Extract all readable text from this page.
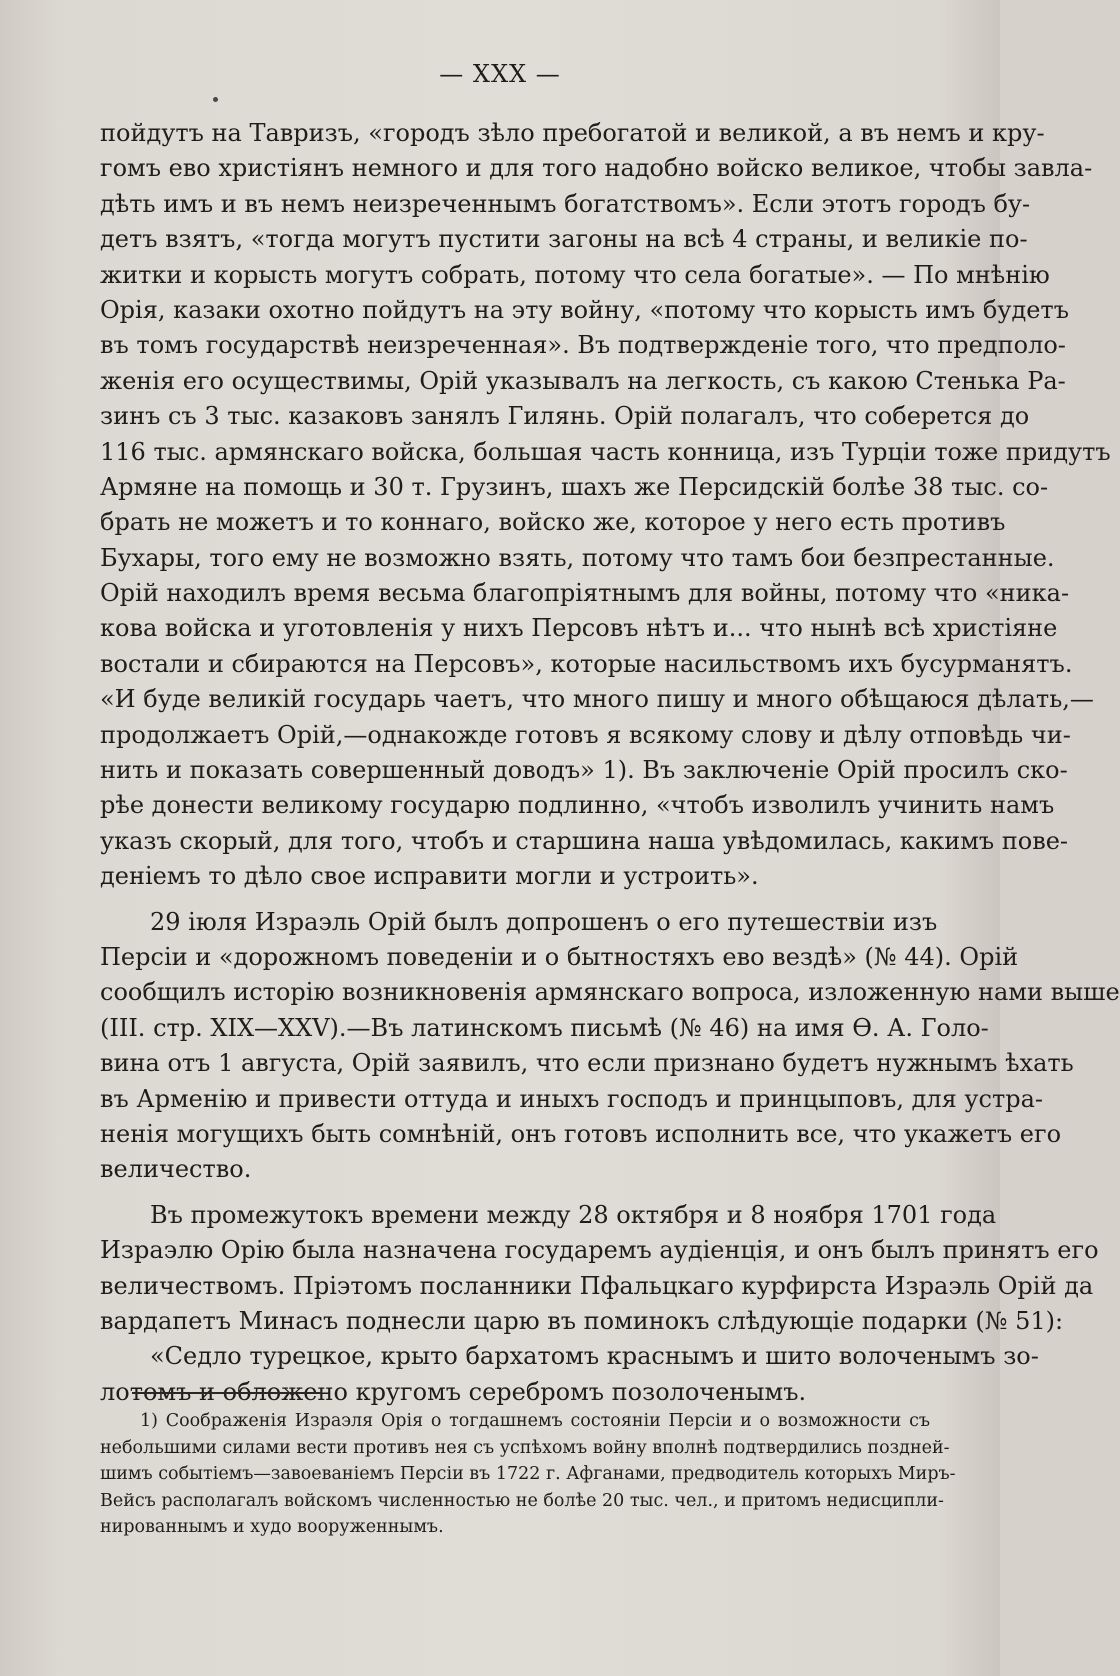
— XXX —
пойдутъ на Тавризъ, «городъ зѣло пребогатой и великой, а въ немъ и кру-
гомъ ево христіянъ немного и для того надобно войско великое, чтобы завла-
дѣть имъ и въ немъ неизреченнымъ богатствомъ». Если этотъ городъ бу-
детъ взятъ, «тогда могутъ пустити загоны на всѣ 4 страны, и великіе по-
житки и корысть могутъ собрать, потому что села богатые». — По мнѣнію
Орія, казаки охотно пойдутъ на эту войну, «потому что корысть имъ будетъ
въ томъ государствѣ неизреченная». Въ подтвержденіе того, что предполо-
женія его осуществимы, Орій указывалъ на легкость, съ какою Стенька Ра-
зинъ съ 3 тыс. казаковъ занялъ Гилянь. Орій полагалъ, что соберется до
116 тыс. армянскаго войска, большая часть конница, изъ Турціи тоже придутъ
Армяне на помощь и 30 т. Грузинъ, шахъ же Персидскій болѣе 38 тыс. со-
брать не можетъ и то коннаго, войско же, которое у него есть противъ
Бухары, того ему не возможно взять, потому что тамъ бои безпрестанные.
Орій находилъ время весьма благопріятнымъ для войны, потому что «ника-
кова войска и уготовленія у нихъ Персовъ нѣтъ и... что нынѣ всѣ христіяне
востали и сбираются на Персовъ», которые насильствомъ ихъ бусурманятъ.
«И буде великій государь чаетъ, что много пишу и много обѣщаюся дѣлать,—
продолжаетъ Орій,—однакожде готовъ я всякому слову и дѣлу отповѣдь чи-
нить и показать совершенный доводъ» 1). Въ заключеніе Орій просилъ ско-
рѣе донести великому государю подлинно, «чтобъ изволилъ учинить намъ
указъ скорый, для того, чтобъ и старшина наша увѣдомилась, какимъ пове-
деніемъ то дѣло свое исправити могли и устроить».
29 іюля Израэль Орій былъ допрошенъ о его путешествіи изъ
Персіи и «дорожномъ поведеніи и о бытностяхъ ево вездѣ» (№ 44). Орій
сообщилъ исторію возникновенія армянскаго вопроса, изложенную нами выше
(III. стр. XIX—XXV).—Въ латинскомъ письмѣ (№ 46) на имя Ѳ. А. Голо-
вина отъ 1 августа, Орій заявилъ, что если признано будетъ нужнымъ ѣхать
въ Арменію и привести оттуда и иныхъ господъ и принцыповъ, для устра-
ненія могущихъ быть сомнѣній, онъ готовъ исполнить все, что укажетъ его
величество.
Въ промежутокъ времени между 28 октября и 8 ноября 1701 года
Израэлю Орію была назначена государемъ аудіенція, и онъ былъ принятъ его
величествомъ. Пріэтомъ посланники Пфальцкаго курфирста Израэль Орій да
вардапетъ Минасъ поднесли царю въ поминокъ слѣдующіе подарки (№ 51):
«Седло турецкое, крыто бархатомъ краснымъ и шито волоченымъ зо-
лотомъ и обложено кругомъ серебромъ позолоченымъ.
1) Соображенія Израэля Орія о тогдашнемъ состояніи Персіи и о возможности съ
небольшими силами вести противъ нея съ успѣхомъ войну вполнѣ подтвердились поздней-
шимъ событіемъ—завоеваніемъ Персіи въ 1722 г. Афганами, предводитель которыхъ Миръ-
Вейсъ располагалъ войскомъ численностью не болѣе 20 тыс. чел., и притомъ недисципли-
нированнымъ и худо вооруженнымъ.
